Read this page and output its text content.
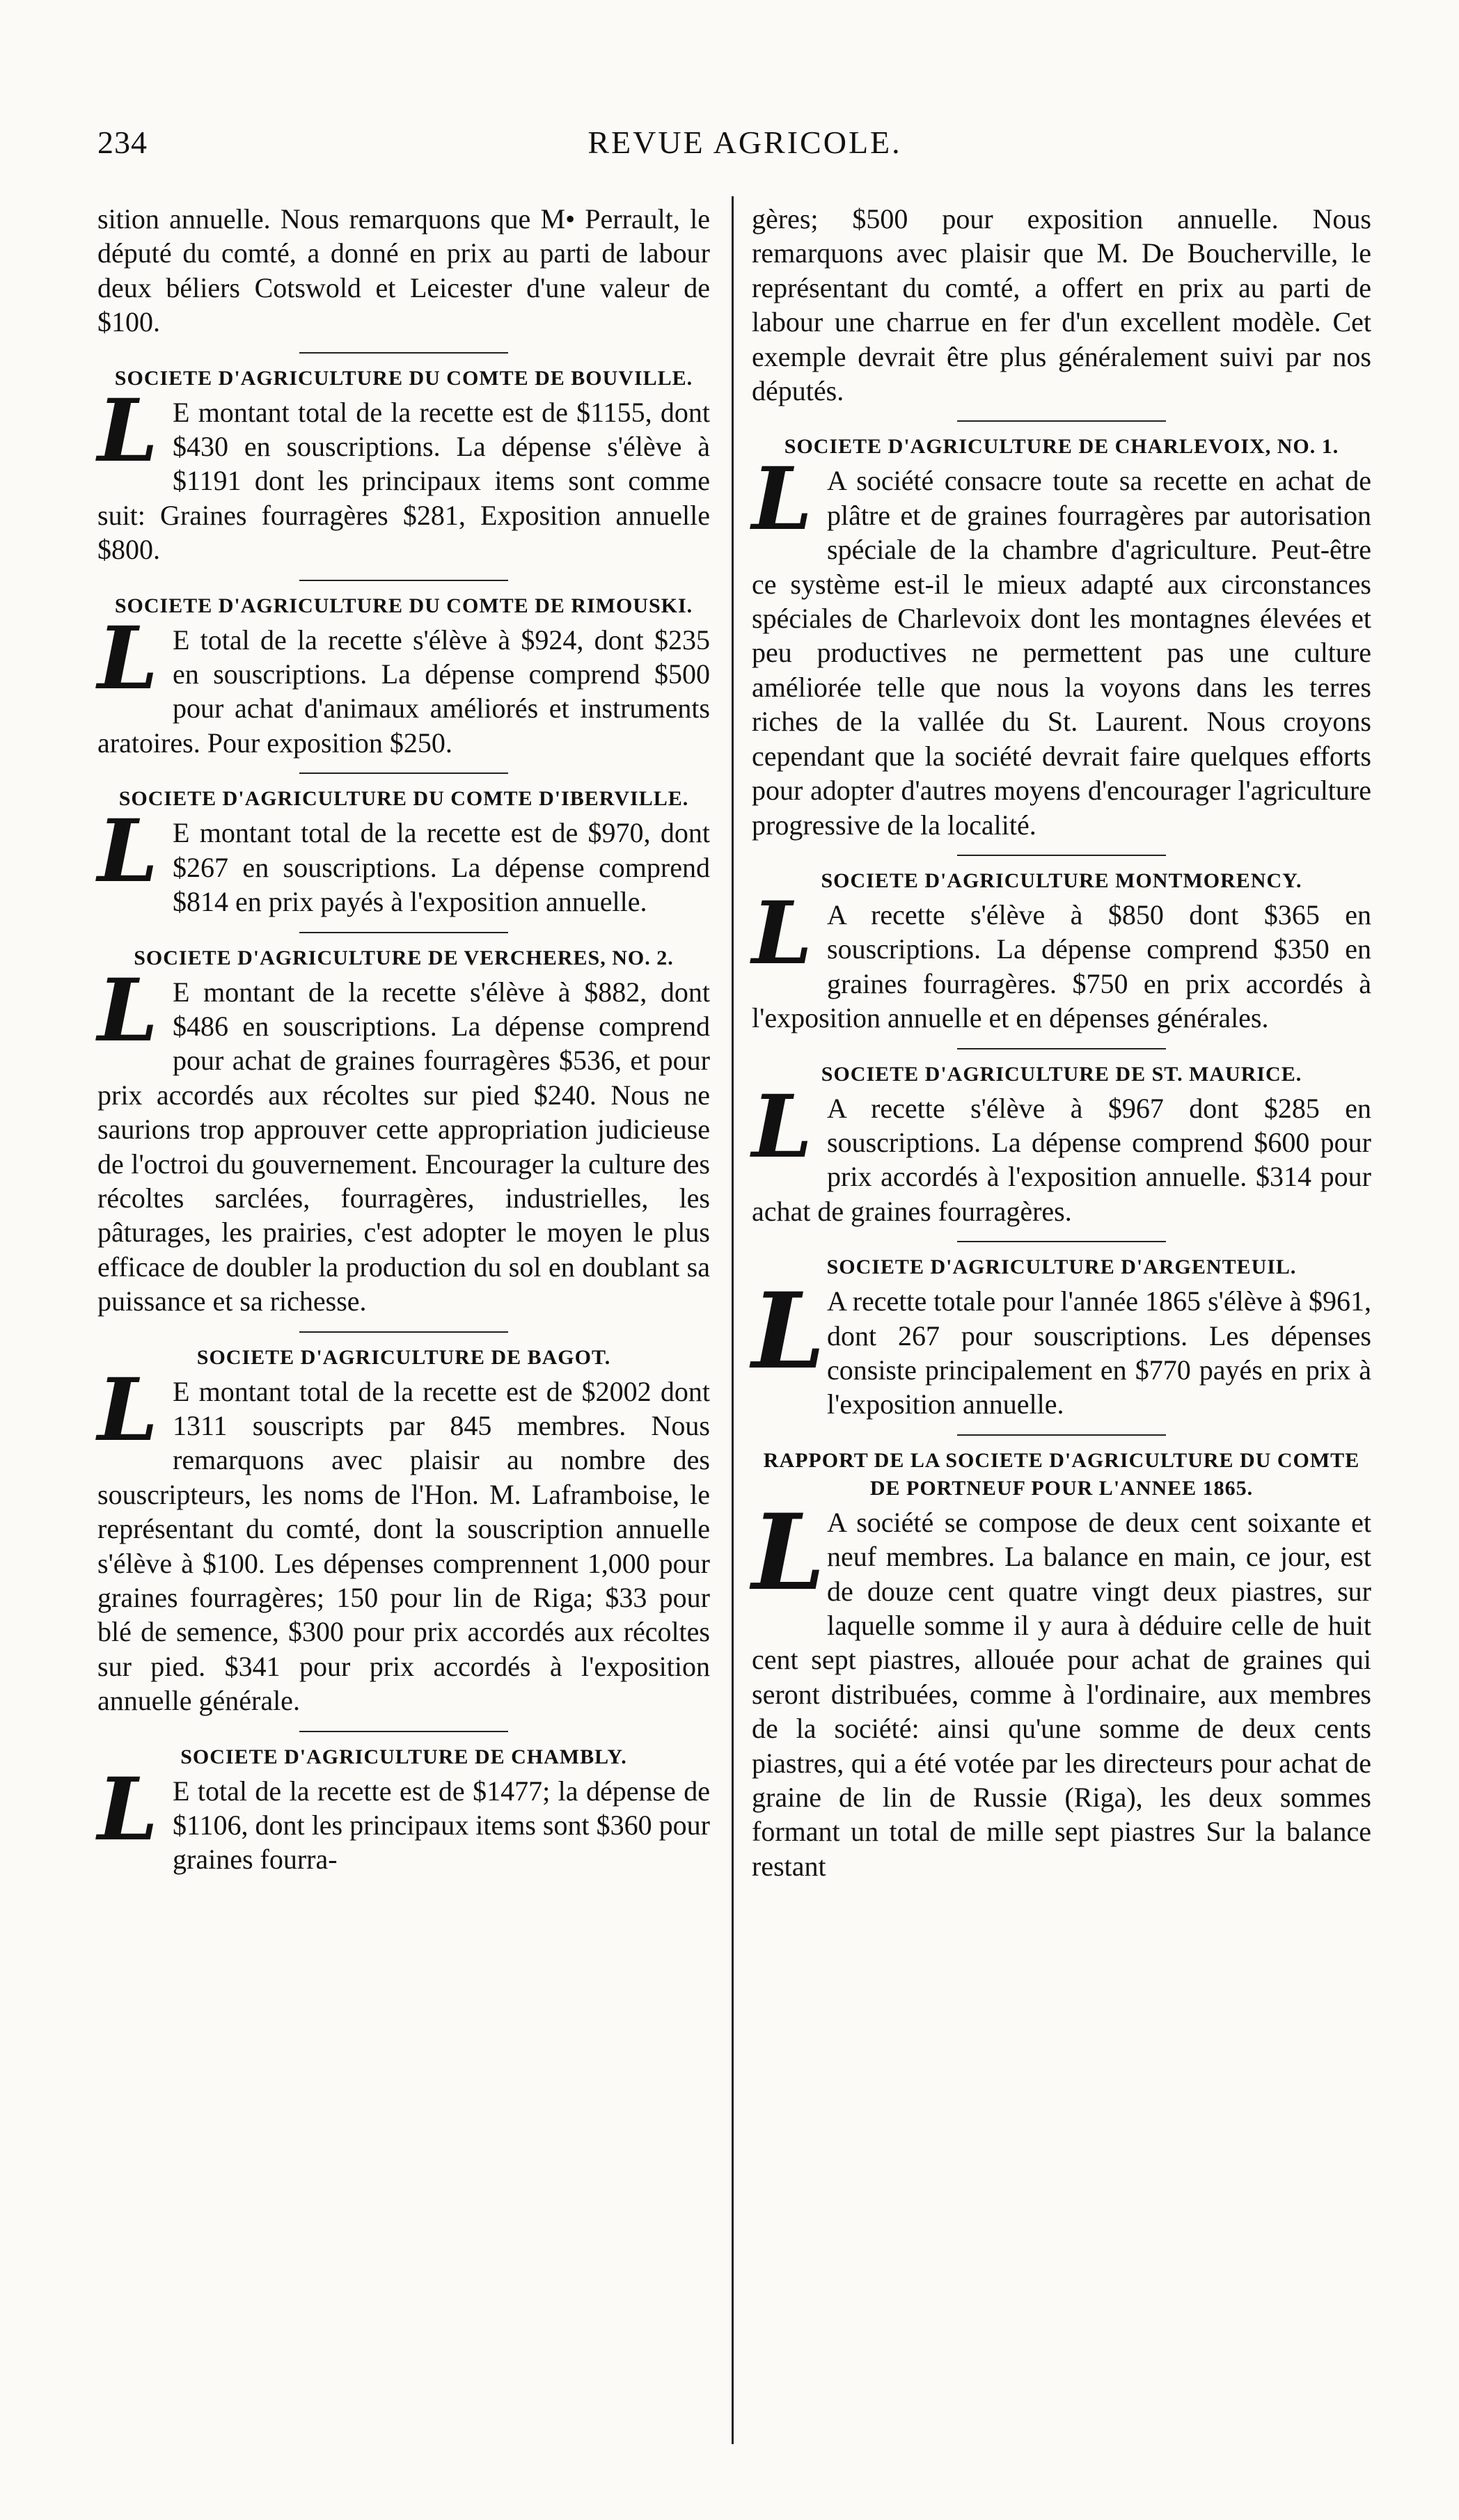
234	REVUE AGRICOLE.

sition annuelle. Nous remarquons que M• Perrault, le député du comté, a donné en prix au parti de labour deux béliers Cotswold et Leicester d'une valeur de $100.

SOCIETE D'AGRICULTURE DU COMTE DE BOUVILLE.

L E montant total de la recette est de $1155, dont $430 en souscriptions. La dépense s'élève à $1191 dont les principaux items sont comme suit: Graines fourragères $281, Exposition annuelle $800.

SOCIETE D'AGRICULTURE DU COMTE DE RIMOUSKI.

L E total de la recette s'élève à $924, dont $235 en souscriptions. La dépense comprend $500 pour achat d'animaux améliorés et instruments aratoires. Pour exposition $250.

SOCIETE D'AGRICULTURE DU COMTE D'IBERVILLE.

L E montant total de la recette est de $970, dont $267 en souscriptions. La dépense comprend $814 en prix payés à l'exposition annuelle.

SOCIETE D'AGRICULTURE DE VERCHERES, NO. 2.

L E montant de la recette s'élève à $882, dont $486 en souscriptions. La dépense comprend pour achat de graines fourragères $536, et pour prix accordés aux récoltes sur pied $240. Nous ne saurions trop approuver cette appropriation judicieuse de l'octroi du gouvernement. Encourager la culture des récoltes sarclées, fourragères, industrielles, les pâturages, les prairies, c'est adopter le moyen le plus efficace de doubler la production du sol en doublant sa puissance et sa richesse.

SOCIETE D'AGRICULTURE DE BAGOT.

L E montant total de la recette est de $2002 dont 1311 souscripts par 845 membres. Nous remarquons avec plaisir au nombre des souscripteurs, les noms de l'Hon. M. Laframboise, le représentant du comté, dont la souscription annuelle s'élève à $100. Les dépenses comprennent 1,000 pour graines fourragères; 150 pour lin de Riga; $33 pour blé de semence, $300 pour prix accordés aux récoltes sur pied. $341 pour prix accordés à l'exposition annuelle générale.

SOCIETE D'AGRICULTURE DE CHAMBLY.

L E total de la recette est de $1477; la dépense de $1106, dont les principaux items sont $360 pour graines fourra-

gères; $500 pour exposition annuelle. Nous remarquons avec plaisir que M. De Boucherville, le représentant du comté, a offert en prix au parti de labour une charrue en fer d'un excellent modèle. Cet exemple devrait être plus généralement suivi par nos députés.

SOCIETE D'AGRICULTURE DE CHARLEVOIX, NO. 1.

L A société consacre toute sa recette en achat de plâtre et de graines fourragères par autorisation spéciale de la chambre d'agriculture. Peut-être ce système est-il le mieux adapté aux circonstances spéciales de Charlevoix dont les montagnes élevées et peu productives ne permettent pas une culture améliorée telle que nous la voyons dans les terres riches de la vallée du St. Laurent. Nous croyons cependant que la société devrait faire quelques efforts pour adopter d'autres moyens d'encourager l'agriculture progressive de la localité.

SOCIETE D'AGRICULTURE MONTMORENCY.

L A recette s'élève à $850 dont $365 en souscriptions. La dépense comprend $350 en graines fourragères. $750 en prix accordés à l'exposition annuelle et en dépenses générales.

SOCIETE D'AGRICULTURE DE ST. MAURICE.

L A recette s'élève à $967 dont $285 en souscriptions. La dépense comprend $600 pour prix accordés à l'exposition annuelle. $314 pour achat de graines fourragères.

SOCIETE D'AGRICULTURE D'ARGENTEUIL.

L A recette totale pour l'année 1865 s'élève à $961, dont 267 pour souscriptions. Les dépenses consiste principalement en $770 payés en prix à l'exposition annuelle.

RAPPORT DE LA SOCIETE D'AGRICULTURE DU COMTE DE PORTNEUF POUR L'ANNEE 1865.

L A société se compose de deux cent soixante et neuf membres. La balance en main, ce jour, est de douze cent quatre vingt deux piastres, sur laquelle somme il y aura à déduire celle de huit cent sept piastres, allouée pour achat de graines qui seront distribuées, comme à l'ordinaire, aux membres de la société: ainsi qu'une somme de deux cents piastres, qui a été votée par les directeurs pour achat de graine de lin de Russie (Riga), les deux sommes formant un total de mille sept piastres Sur la balance restant
